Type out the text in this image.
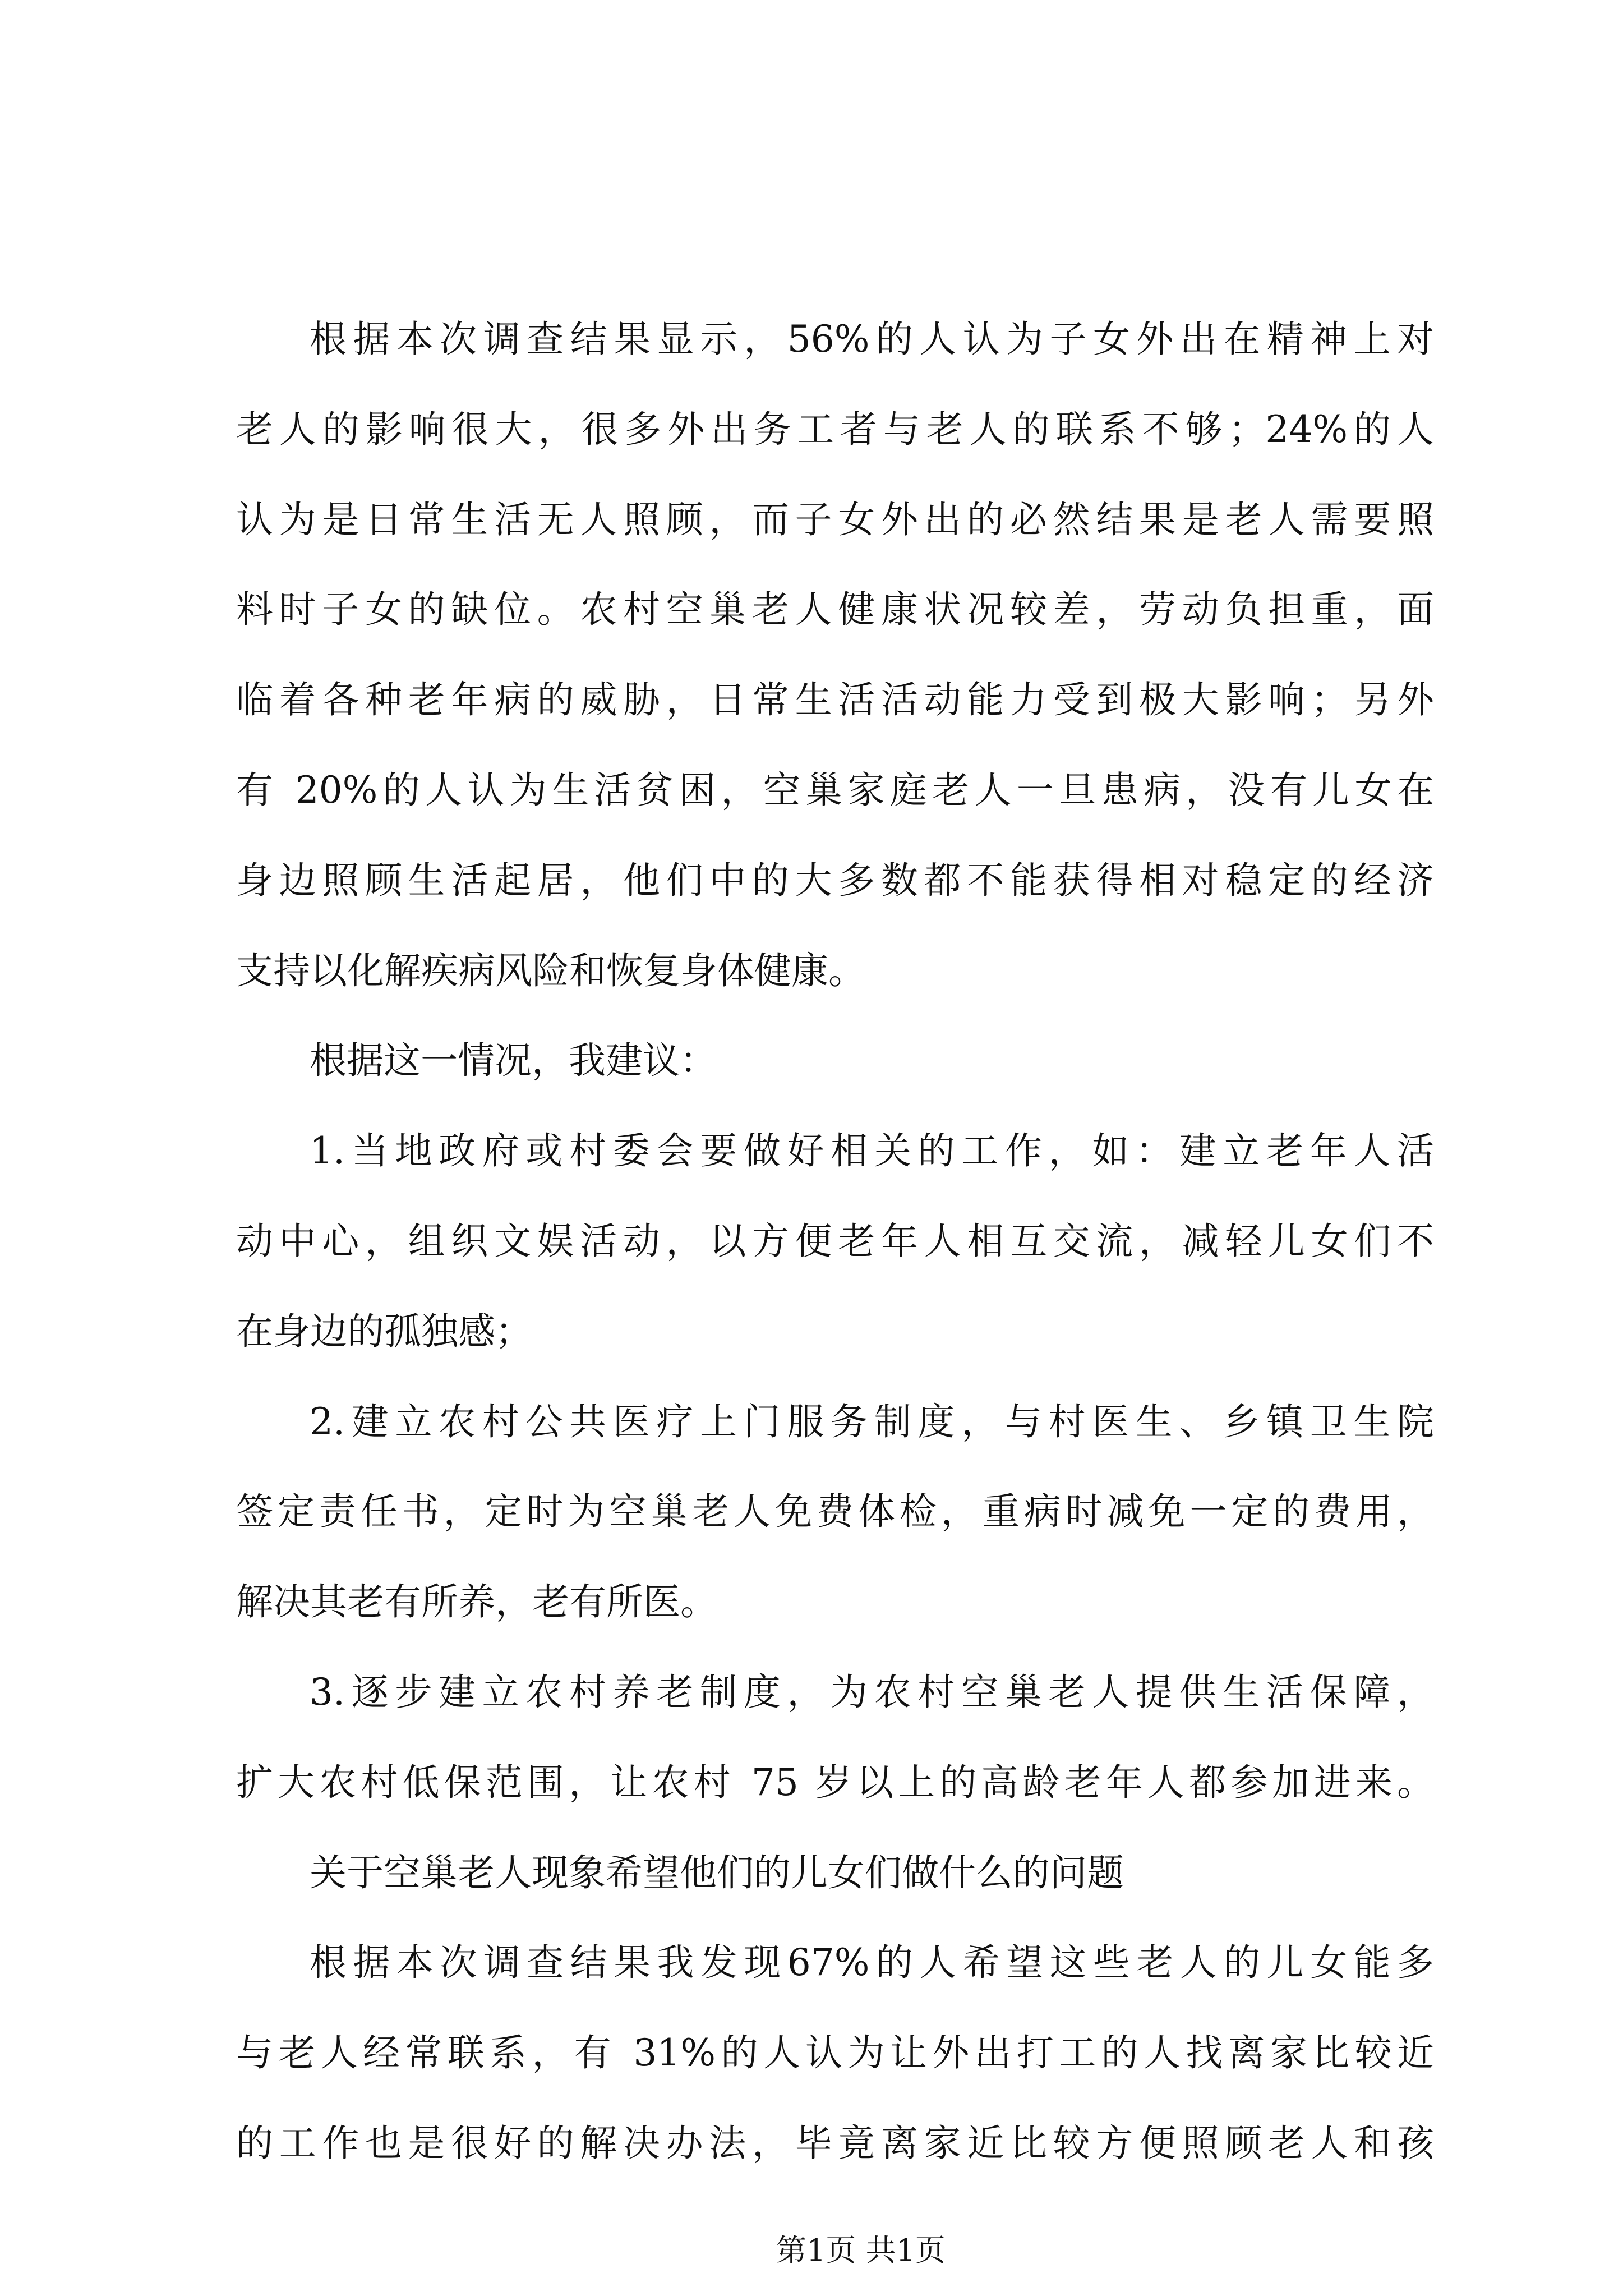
根据本次调查结果显示，56%的人认为子女外出在精神上对
老人的影响很大，很多外出务工者与老人的联系不够；24%的人
认为是日常生活无人照顾，而子女外出的必然结果是老人需要照
料时子女的缺位。农村空巢老人健康状况较差，劳动负担重，面
临着各种老年病的威胁，日常生活活动能力受到极大影响；另外
有 20%的人认为生活贫困，空巢家庭老人一旦患病，没有儿女在
身边照顾生活起居，他们中的大多数都不能获得相对稳定的经济
支持以化解疾病风险和恢复身体健康。
根据这一情况，我建议：
1.当地政府或村委会要做好相关的工作，如：建立老年人活
动中心，组织文娱活动，以方便老年人相互交流，减轻儿女们不
在身边的孤独感；
2.建立农村公共医疗上门服务制度，与村医生、乡镇卫生院
签定责任书，定时为空巢老人免费体检，重病时减免一定的费用，
解决其老有所养，老有所医。
3.逐步建立农村养老制度，为农村空巢老人提供生活保障，
扩大农村低保范围，让农村 75 岁以上的高龄老年人都参加进来。
关于空巢老人现象希望他们的儿女们做什么的问题
根据本次调查结果我发现67%的人希望这些老人的儿女能多
与老人经常联系，有 31%的人认为让外出打工的人找离家比较近
的工作也是很好的解决办法，毕竟离家近比较方便照顾老人和孩
第1页 共1页
